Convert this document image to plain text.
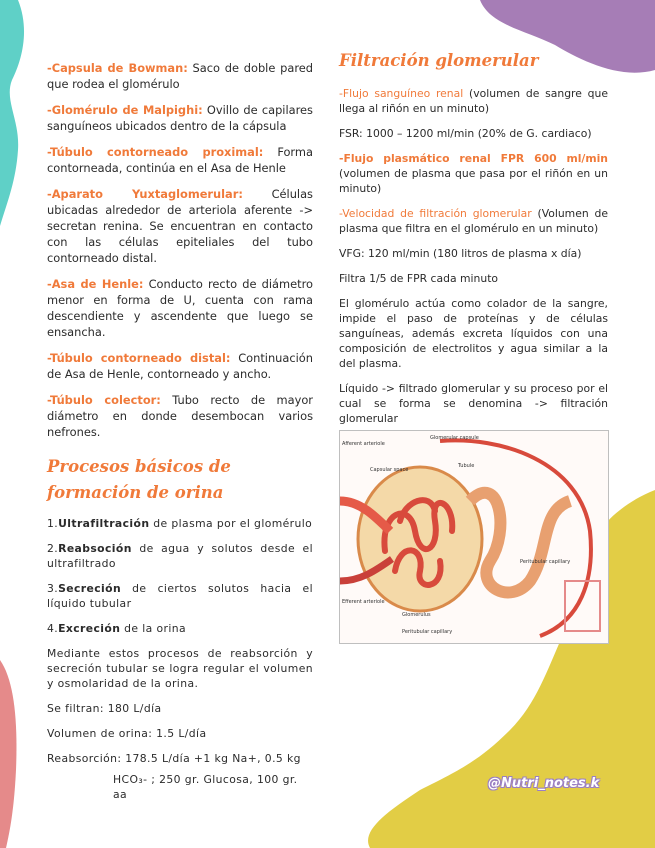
-Capsula de Bowman: Saco de doble pared que rodea el glomérulo

-Glomérulo de Malpighi: Ovillo de capilares sanguíneos ubicados dentro de la cápsula

-Túbulo contorneado proximal: Forma contorneada, continúa en el Asa de Henle

-Aparato Yuxtaglomerular: Células ubicadas alrededor de arteriola aferente -> secretan renina. Se encuentran en contacto con las células epiteliales del tubo contorneado distal.

-Asa de Henle: Conducto recto de diámetro menor en forma de U, cuenta con rama descendiente y ascendente que luego se ensancha.

-Túbulo contorneado distal: Continuación de Asa de Henle, contorneado y ancho.

-Túbulo colector: Tubo recto de mayor diámetro en donde desembocan varios nefrones.

Procesos básicos de formación de orina

1.Ultrafiltración de plasma por el glomérulo

2.Reabsoción de agua y solutos desde el ultrafiltrado

3.Secreción de ciertos solutos hacia el líquido tubular

4.Excreción de la orina

Mediante estos procesos de reabsorción y secreción tubular se logra regular el volumen y osmolaridad de la orina.

Se filtran: 180 L/día

Volumen de orina: 1.5 L/día

Reabsorción: 178.5 L/día +1 kg Na+, 0.5 kg

HCO₃- ; 250 gr. Glucosa, 100 gr. aa

Filtración glomerular

-Flujo sanguíneo renal (volumen de sangre que llega al riñón en un minuto)

FSR: 1000 – 1200 ml/min (20% de G. cardiaco)

-Flujo plasmático renal FPR 600 ml/min (volumen de plasma que pasa por el riñón en un minuto)

-Velocidad de filtración glomerular (Volumen de plasma que filtra en el glomérulo en un minuto)

VFG: 120 ml/min (180 litros de plasma x día)

Filtra 1/5 de FPR cada minuto

El glomérulo actúa como colador de la sangre, impide el paso de proteínas y de células sanguíneas, además excreta líquidos con una composición de electrolitos y agua similar a la del plasma.

Líquido -> filtrado glomerular y su proceso por el cual se forma se denomina -> filtración glomerular

Afferent arteriole
Glomerular capsule
Capsular space
Tubule
Peritubular capillary
Efferent arteriole
Glomerulus
Peritubular capillary
@Nutri_notes.k
